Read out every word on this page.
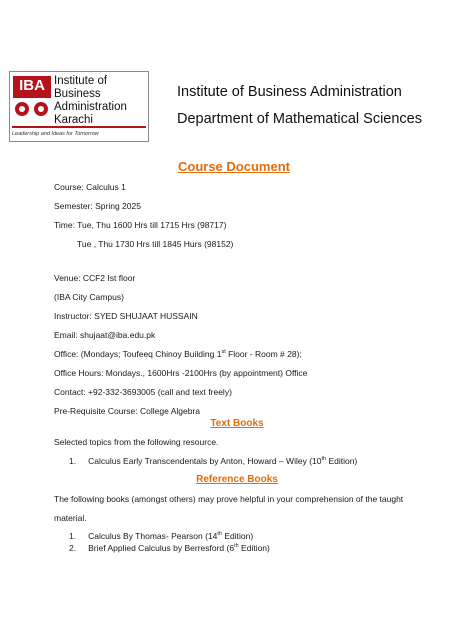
IBA Institute of
Business Administration
Karachi
Leadership and Ideas for Tomorrow
Institute of Business Administration
Department of Mathematical Sciences
Course Document
Course: Calculus 1
Semester: Spring 2025
Time: Tue, Thu 1600 Hrs till 1715 Hrs (98717)
Tue , Thu 1730 Hrs till 1845 Hurs (98152)
Venue: CCF2 Ist floor
(IBA City Campus)
Instructor: SYED SHUJAAT HUSSAIN
Email: shujaat@iba.edu.pk
Office: (Mondays; Toufeeq Chinoy Building 1st Floor - Room # 28);
Office Hours: Mondays., 1600Hrs -2100Hrs (by appointment) Office
Contact: +92-332-3693005 (call and text freely)
Pre-Requisite Course: College Algebra
Text Books
Selected topics from the following resource.
1. Calculus Early Transcendentals by Anton, Howard – Wiley (10th Edition)
Reference Books
The following books (amongst others) may prove helpful in your comprehension of the taught
material.
1. Calculus By Thomas- Pearson (14th Edition)
2. Brief Applied Calculus by Berresford (6th Edition)
